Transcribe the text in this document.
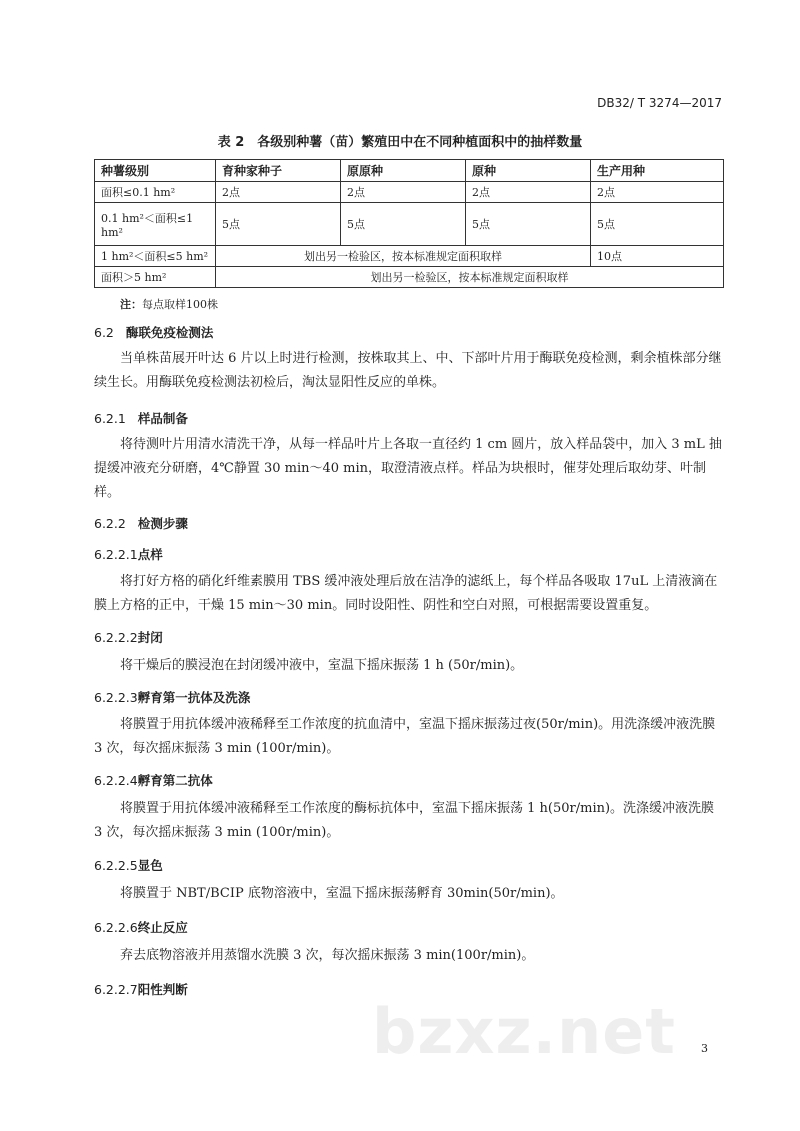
DB32/ T 3274—2017
表 2　各级别种薯（苗）繁殖田中在不同种植面积中的抽样数量
种薯级别	育种家种子	原原种	原种	生产用种
面积≤0.1 hm²	2点	2点	2点	2点
0.1 hm²＜面积≤1 hm²	5点	5点	5点	5点
1 hm²＜面积≤5 hm²	划出另一检验区，按本标准规定面积取样			10点
面积＞5 hm²	划出另一检验区，按本标准规定面积取样			
注：每点取样100株
6.2 酶联免疫检测法
当单株苗展开叶达 6 片以上时进行检测，按株取其上、中、下部叶片用于酶联免疫检测，剩余植株部分继续生长。用酶联免疫检测法初检后，淘汰显阳性反应的单株。
6.2.1 样品制备
将待测叶片用清水清洗干净，从每一样品叶片上各取一直径约 1 cm 圆片，放入样品袋中，加入 3 mL 抽提缓冲液充分研磨，4℃静置 30 min～40 min，取澄清液点样。样品为块根时，催芽处理后取幼芽、叶制样。
6.2.2 检测步骤
6.2.2.1点样
将打好方格的硝化纤维素膜用 TBS 缓冲液处理后放在洁净的滤纸上，每个样品各吸取 17uL 上清液滴在膜上方格的正中，干燥 15 min～30 min。同时设阳性、阴性和空白对照，可根据需要设置重复。
6.2.2.2封闭
将干燥后的膜浸泡在封闭缓冲液中，室温下摇床振荡 1 h (50r/min)。
6.2.2.3孵育第一抗体及洗涤
将膜置于用抗体缓冲液稀释至工作浓度的抗血清中，室温下摇床振荡过夜(50r/min)。用洗涤缓冲液洗膜 3 次，每次摇床振荡 3 min (100r/min)。
6.2.2.4孵育第二抗体
将膜置于用抗体缓冲液稀释至工作浓度的酶标抗体中，室温下摇床振荡 1 h(50r/min)。洗涤缓冲液洗膜 3 次，每次摇床振荡 3 min (100r/min)。
6.2.2.5显色
将膜置于 NBT/BCIP 底物溶液中，室温下摇床振荡孵育 30min(50r/min)。
6.2.2.6终止反应
弃去底物溶液并用蒸馏水洗膜 3 次，每次摇床振荡 3 min(100r/min)。
6.2.2.7阳性判断
bzxz.net 3
